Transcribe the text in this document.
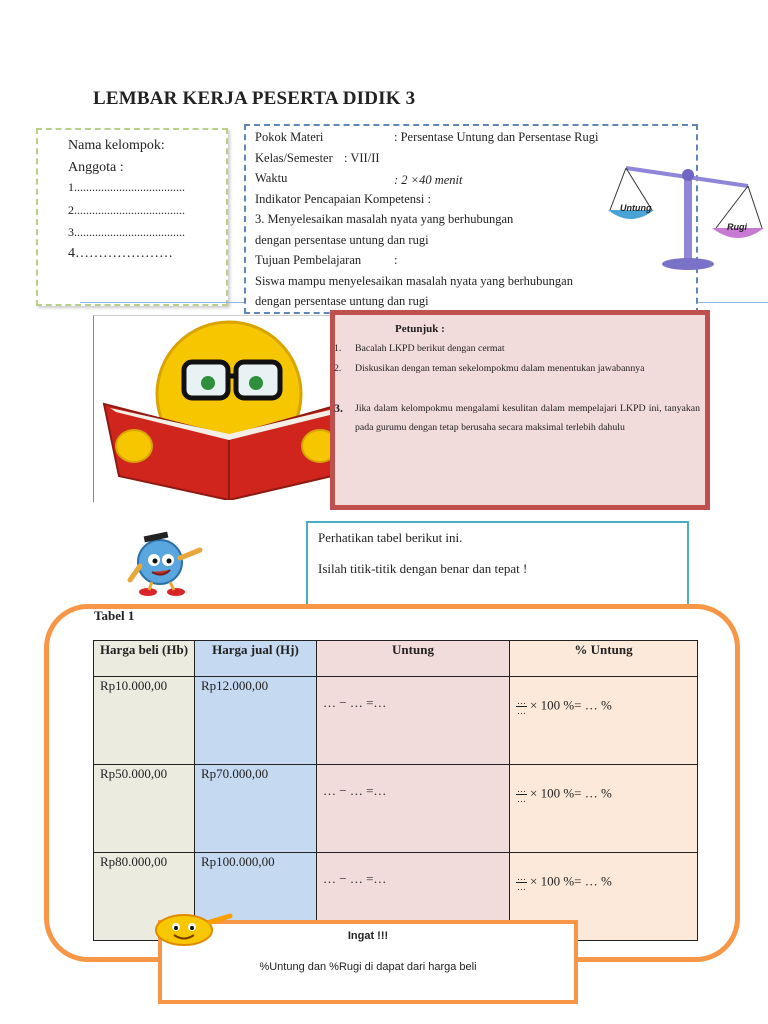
LEMBAR KERJA PESERTA DIDIK 3
Nama kelompok:
Anggota :
1.....................................
2.....................................
3.....................................
4…………………
Pokok Materi	: Persentase Untung dan Persentase Rugi
Kelas/Semester : VII/II
Waktu	: 2 ×40 menit
Indikator Pencapaian Kompetensi :
3. Menyelesaikan masalah nyata yang berhubungan
dengan persentase untung dan rugi
Tujuan Pembelajaran	:
Siswa mampu menyelesaikan masalah nyata yang berhubungan
dengan persentase untung dan rugi
Untung
Rugi
Petunjuk :
1. Bacalah LKPD berikut dengan cermat
2. Diskusikan dengan teman sekelompokmu dalam menentukan jawabannya
3. Jika dalam kelompokmu mengalami kesulitan dalam mempelajari LKPD ini, tanyakan pada gurumu dengan tetap berusaha secara maksimal terlebih dahulu
Perhatikan tabel berikut ini.
Isilah titik-titik dengan benar dan tepat !
Tabel 1
Harga beli (Hb)	Harga jual (Hj)	Untung	% Untung
Rp10.000,00	Rp12.000,00	… − … =…	$\frac{\dots}{\dots} \times 100$ %= … %
Rp50.000,00	Rp70.000,00	… − … =…	$\frac{\dots}{\dots} \times 100$ %= … %
Rp80.000,00	Rp100.000,00	… − … =…	$\frac{\dots}{\dots} \times 100$ %= … %
Ingat !!!
%Untung dan %Rugi di dapat dari harga beli
